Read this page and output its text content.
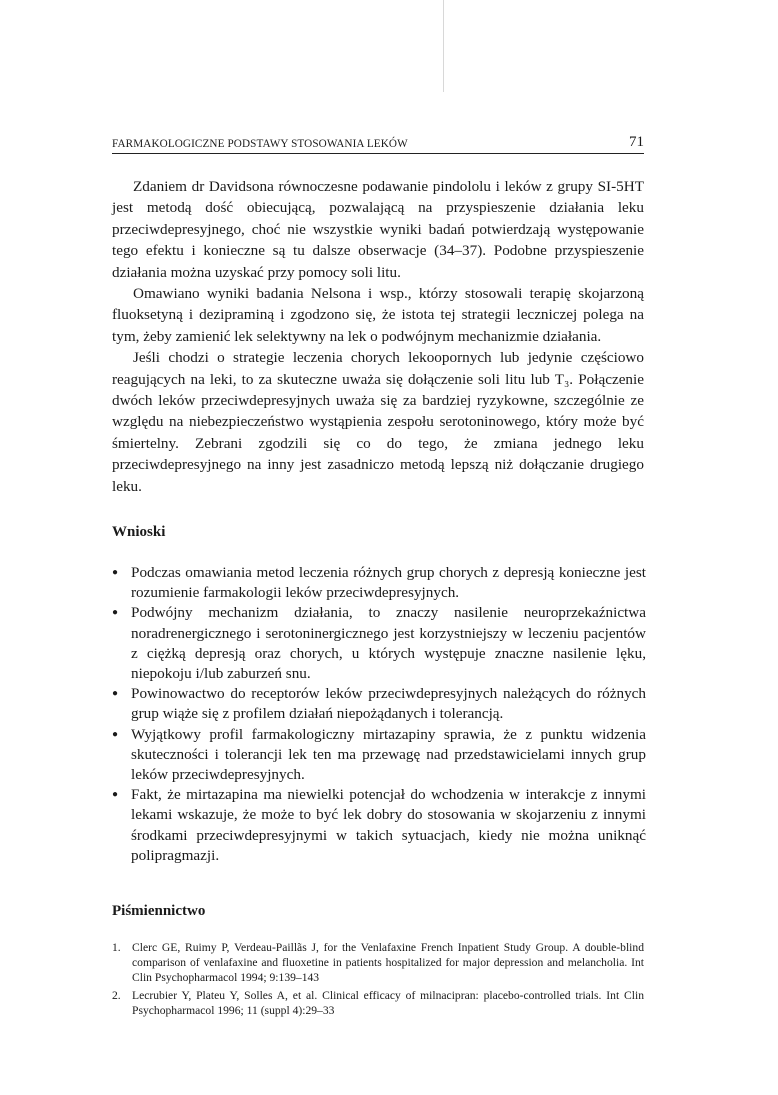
FARMAKOLOGICZNE PODSTAWY STOSOWANIA LEKÓW	71

Zdaniem dr Davidsona równoczesne podawanie pindololu i leków z grupy SI-5HT jest metodą dość obiecującą, pozwalającą na przyspieszenie działania leku przeciwdepresyjnego, choć nie wszystkie wyniki badań potwierdzają występowanie tego efektu i konieczne są tu dalsze obserwacje (34–37). Podobne przyspieszenie działania można uzyskać przy pomocy soli litu.

Omawiano wyniki badania Nelsona i wsp., którzy stosowali terapię skojarzoną fluoksetyną i dezipraminą i zgodzono się, że istota tej strategii leczniczej polega na tym, żeby zamienić lek selektywny na lek o podwójnym mechanizmie działania.

Jeśli chodzi o strategie leczenia chorych lekoopornych lub jedynie częściowo reagujących na leki, to za skuteczne uważa się dołączenie soli litu lub T₃. Połączenie dwóch leków przeciwdepresyjnych uważa się za bardziej ryzykowne, szczególnie ze względu na niebezpieczeństwo wystąpienia zespołu serotoninowego, który może być śmiertelny. Zebrani zgodzili się co do tego, że zmiana jednego leku przeciwdepresyjnego na inny jest zasadniczo metodą lepszą niż dołączanie drugiego leku.

Wnioski
● Podczas omawiania metod leczenia różnych grup chorych z depresją konieczne jest rozumienie farmakologii leków przeciwdepresyjnych.
● Podwójny mechanizm działania, to znaczy nasilenie neuroprzekaźnictwa noradrenergicznego i serotoninergicznego jest korzystniejszy w leczeniu pacjentów z ciężką depresją oraz chorych, u których występuje znaczne nasilenie lęku, niepokoju i/lub zaburzeń snu.
● Powinowactwo do receptorów leków przeciwdepresyjnych należących do różnych grup wiąże się z profilem działań niepożądanych i tolerancją.
● Wyjątkowy profil farmakologiczny mirtazapiny sprawia, że z punktu widzenia skuteczności i tolerancji lek ten ma przewagę nad przedstawicielami innych grup leków przeciwdepresyjnych.
● Fakt, że mirtazapina ma niewielki potencjał do wchodzenia w interakcje z innymi lekami wskazuje, że może to być lek dobry do stosowania w skojarzeniu z innymi środkami przeciwdepresyjnymi w takich sytuacjach, kiedy nie można uniknąć polipragmazji.
Piśmiennictwo
1. Clerc GE, Ruimy P, Verdeau-Paillãs J, for the Venlafaxine French Inpatient Study Group. A double-blind comparison of venlafaxine and fluoxetine in patients hospitalized for major depression and melancholia. Int Clin Psychopharmacol 1994; 9:139–143
2. Lecrubier Y, Plateu Y, Solles A, et al. Clinical efficacy of milnacipran: placebo-controlled trials. Int Clin Psychopharmacol 1996; 11 (suppl 4):29–33
